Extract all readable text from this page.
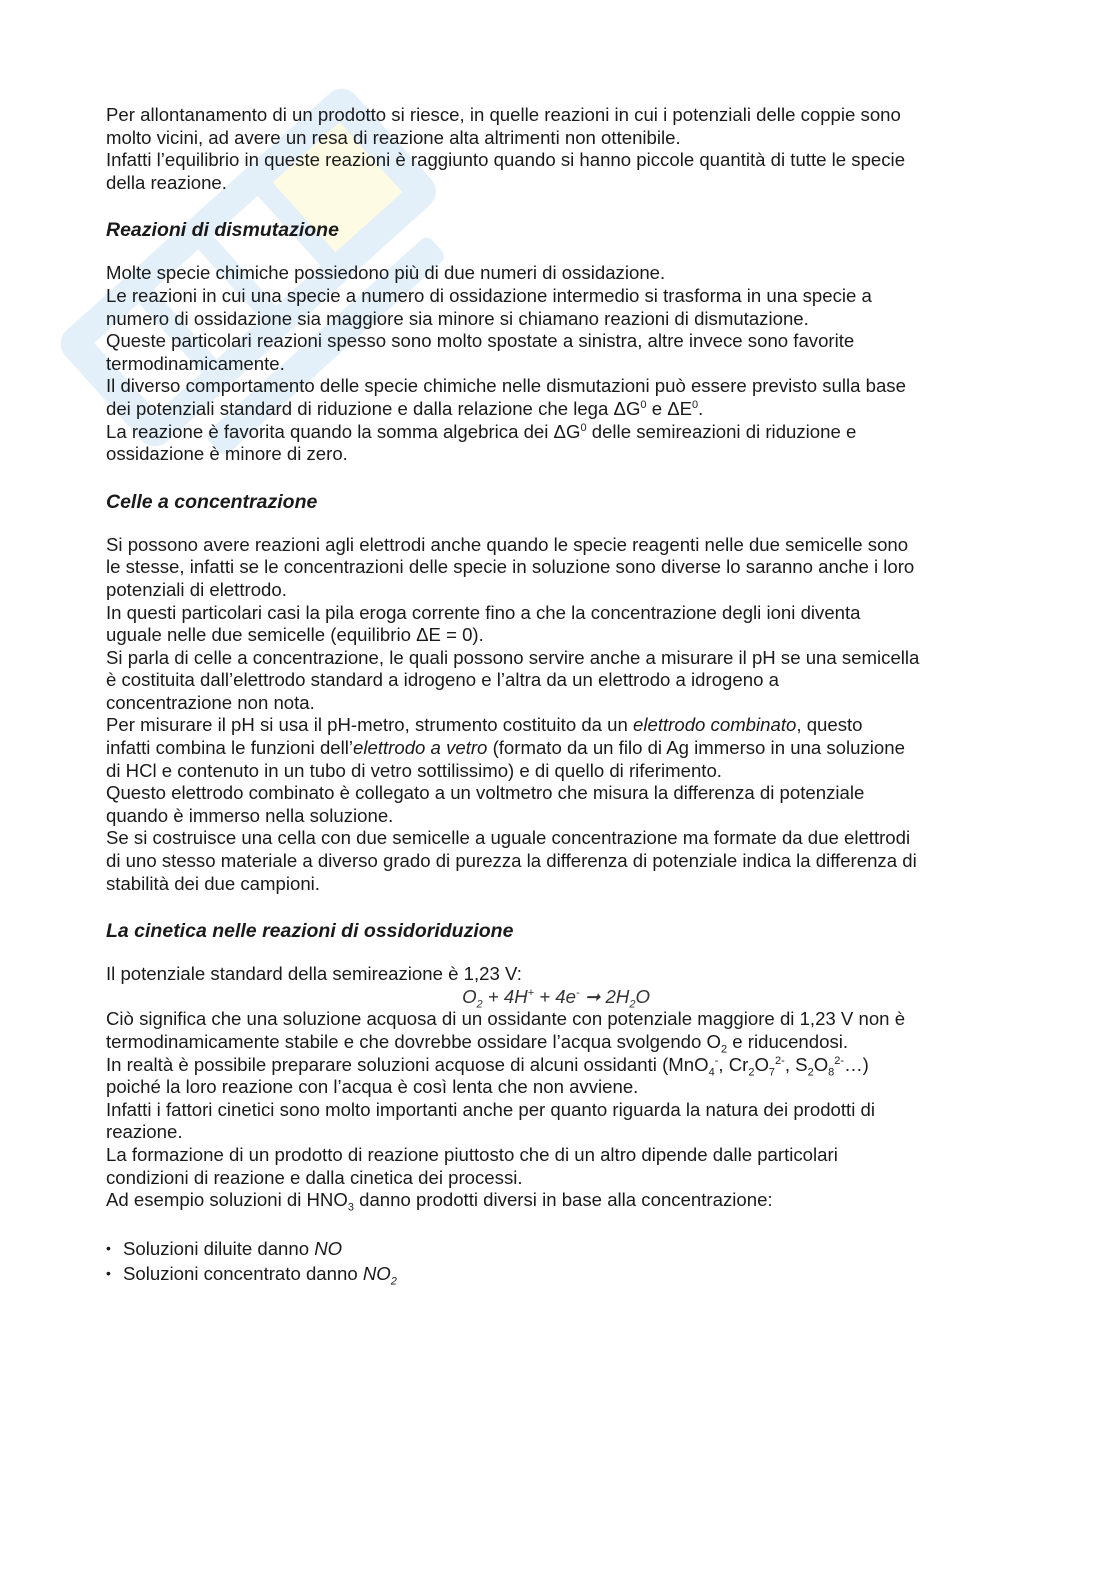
Per allontanamento di un prodotto si riesce, in quelle reazioni in cui i potenziali delle coppie sono

molto vicini, ad avere un resa di reazione alta altrimenti non ottenibile.

Infatti l’equilibrio in queste reazioni è raggiunto quando si hanno piccole quantità di tutte le specie

della reazione.

Reazioni di dismutazione

Molte specie chimiche possiedono più di due numeri di ossidazione.

Le reazioni in cui una specie a numero di ossidazione intermedio si trasforma in una specie a

numero di ossidazione sia maggiore sia minore si chiamano reazioni di dismutazione.

Queste particolari reazioni spesso sono molto spostate a sinistra, altre invece sono favorite

termodinamicamente.

Il diverso comportamento delle specie chimiche nelle dismutazioni può essere previsto sulla base

dei potenziali standard di riduzione e dalla relazione che lega $\Delta G^0$ e $\Delta E^0$.

La reazione è favorita quando la somma algebrica dei $\Delta G^0$ delle semireazioni di riduzione e

ossidazione è minore di zero.

Celle a concentrazione

Si possono avere reazioni agli elettrodi anche quando le specie reagenti nelle due semicelle sono

le stesse, infatti se le concentrazioni delle specie in soluzione sono diverse lo saranno anche i loro

potenziali di elettrodo.

In questi particolari casi la pila eroga corrente fino a che la concentrazione degli ioni diventa

uguale nelle due semicelle (equilibrio ΔE = 0).

Si parla di celle a concentrazione, le quali possono servire anche a misurare il pH se una semicella

è costituita dall’elettrodo standard a idrogeno e l’altra da un elettrodo a idrogeno a

concentrazione non nota.

Per misurare il pH si usa il pH-metro, strumento costituito da un elettrodo combinato, questo

infatti combina le funzioni dell’elettrodo a vetro (formato da un filo di Ag immerso in una soluzione

di HCl e contenuto in un tubo di vetro sottilissimo) e di quello di riferimento.

Questo elettrodo combinato è collegato a un voltmetro che misura la differenza di potenziale

quando è immerso nella soluzione.

Se si costruisce una cella con due semicelle a uguale concentrazione ma formate da due elettrodi

di uno stesso materiale a diverso grado di purezza la differenza di potenziale indica la differenza di

stabilità dei due campioni.

La cinetica nelle reazioni di ossidoriduzione

Il potenziale standard della semireazione è 1,23 V:

$O_2 + 4H^+ + 4e^-$ ➞ $2H_2O$

Ciò significa che una soluzione acquosa di un ossidante con potenziale maggiore di 1,23 V non è

termodinamicamente stabile e che dovrebbe ossidare l’acqua svolgendo $O_2$ e riducendosi.

In realtà è possibile preparare soluzioni acquose di alcuni ossidanti (MnO$_4$-, $Cr_2O_7^{2-}$, $S_2O_8^{2-}\dots$)

poiché la loro reazione con l’acqua è così lenta che non avviene.

Infatti i fattori cinetici sono molto importanti anche per quanto riguarda la natura dei prodotti di

reazione.

La formazione di un prodotto di reazione piuttosto che di un altro dipende dalle particolari

condizioni di reazione e dalla cinetica dei processi.

Ad esempio soluzioni di $HNO_3$ danno prodotti diversi in base alla concentrazione:

• Soluzioni diluite danno NO
• Soluzioni concentrato danno $NO_2$
